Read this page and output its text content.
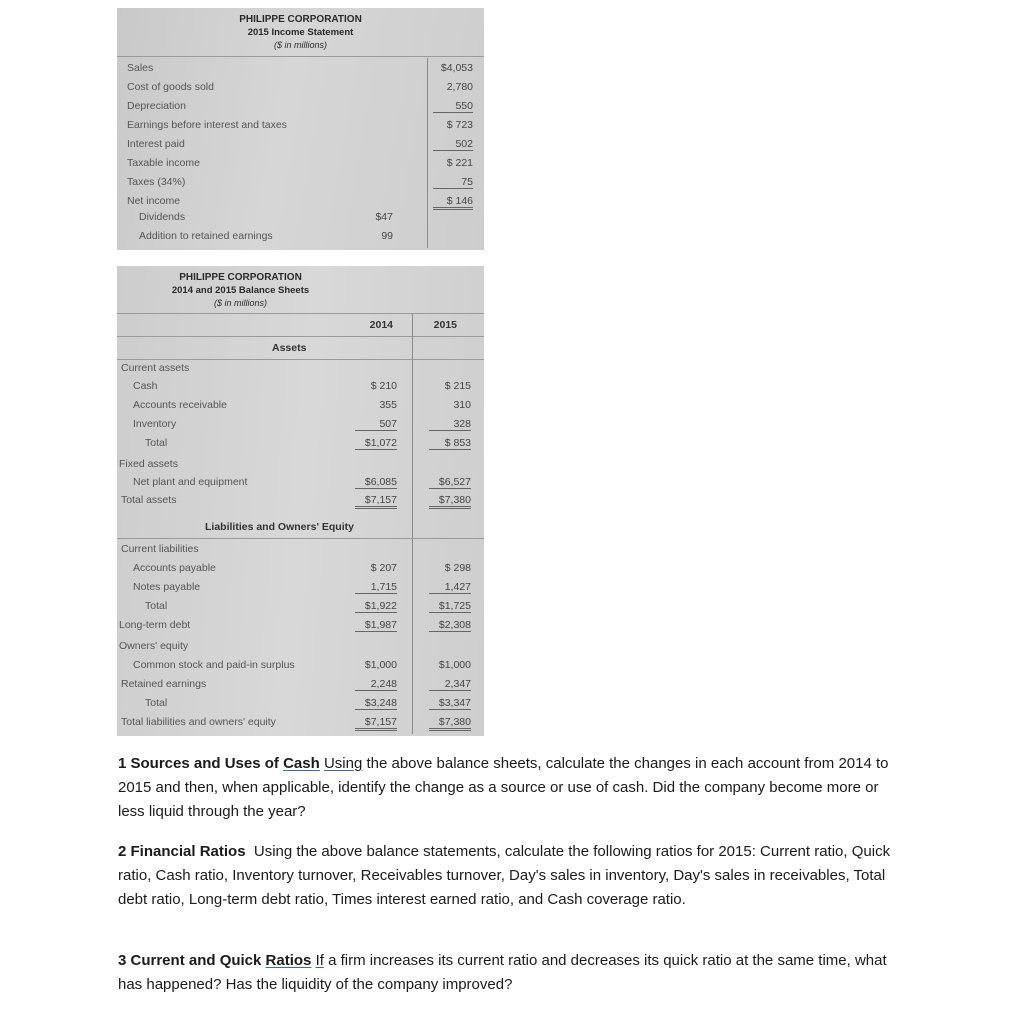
PHILIPPE CORPORATION
2015 Income Statement
($ in millions)
Sales	$4,053
Cost of goods sold	2,780
Depreciation	550
Earnings before interest and taxes	$ 723
Interest paid	502
Taxable income	$ 221
Taxes (34%)	75
Net income	$ 146
Dividends	$47
Addition to retained earnings	99
PHILIPPE CORPORATION
2014 and 2015 Balance Sheets
($ in millions)
2014	2015
Assets
Liabilities and Owners' Equity
Current assets
Cash	$ 210	$ 215
Accounts receivable	355	310
Inventory	507	328
Total	$1,072	$ 853
Fixed assets
Net plant and equipment	$6,085	$6,527
Total assets	$7,157	$7,380
Current liabilities
Accounts payable	$ 207	$ 298
Notes payable	1,715	1,427
Total	$1,922	$1,725
Long-term debt	$1,987	$2,308
Owners' equity
Common stock and paid-in surplus	$1,000	$1,000
Retained earnings	2,248	2,347
Total	$3,248	$3,347
Total liabilities and owners' equity	$7,157	$7,380
1 Sources and Uses of Cash Using the above balance sheets, calculate the changes in each account from 2014 to 2015 and then, when applicable, identify the change as a source or use of cash. Did the company become more or less liquid through the year?
2 Financial Ratios Using the above balance statements, calculate the following ratios for 2015: Current ratio, Quick ratio, Cash ratio, Inventory turnover, Receivables turnover, Day's sales in inventory, Day's sales in receivables, Total debt ratio, Long-term debt ratio, Times interest earned ratio, and Cash coverage ratio.
3 Current and Quick Ratios If a firm increases its current ratio and decreases its quick ratio at the same time, what has happened? Has the liquidity of the company improved?
